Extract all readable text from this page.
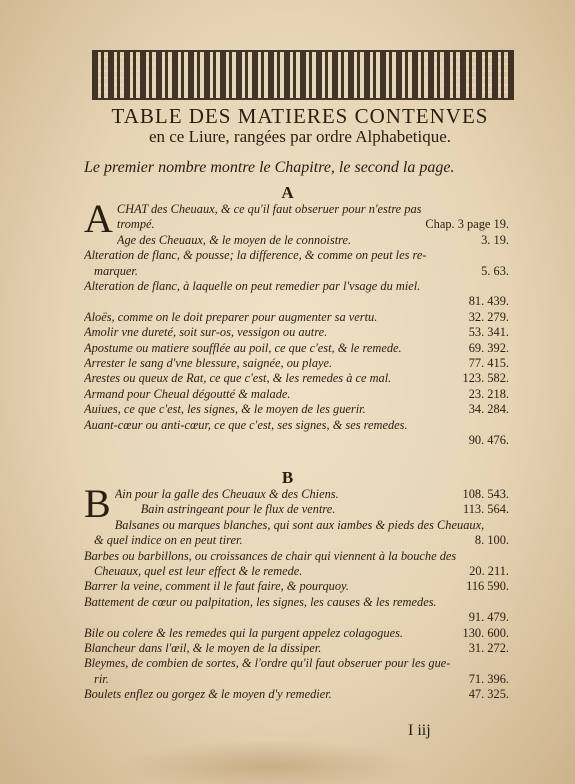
TABLE DES MATIERES CONTENVES
en ce Liure, rangées par ordre Alphabetique.
Le premier nombre montre le Chapitre, le second la page.
A
A CHAT des Cheuaux, & ce qu'il faut obseruer pour n'estre pas
trompé.	Chap. 3 page 19.
Age des Cheuaux, & le moyen de le connoistre.	3. 19.
Alteration de flanc, & pousse; la difference, & comme on peut les re-
marquer.	5. 63.
Alteration de flanc, à laquelle on peut remedier par l'vsage du miel.
81. 439.
Aloës, comme on le doit preparer pour augmenter sa vertu.	32. 279.
Amolir vne dureté, soit sur-os, vessigon ou autre.	53. 341.
Apostume ou matiere soufflée au poil, ce que c'est, & le remede.	69. 392.
Arrester le sang d'vne blessure, saignée, ou playe.	77. 415.
Arestes ou queux de Rat, ce que c'est, & les remedes à ce mal.	123. 582.
Armand pour Cheual dégoutté & malade.	23. 218.
Auiues, ce que c'est, les signes, & le moyen de les guerir.	34. 284.
Auant-cœur ou anti-cœur, ce que c'est, ses signes, & ses remedes.
90. 476.
B
B Ain pour la galle des Cheuaux & des Chiens.	108. 543.
Bain astringeant pour le flux de ventre.	113. 564.
Balsanes ou marques blanches, qui sont aux iambes & pieds des Cheuaux,
& quel indice on en peut tirer.	8. 100.
Barbes ou barbillons, ou croissances de chair qui viennent à la bouche des
Cheuaux, quel est leur effect & le remede.	20. 211.
Barrer la veine, comment il le faut faire, & pourquoy.	116 590.
Battement de cœur ou palpitation, les signes, les causes & les remedes.
91. 479.
Bile ou colere & les remedes qui la purgent appelez colagogues.	130. 600.
Blancheur dans l'œil, & le moyen de la dissiper.	31. 272.
Bleymes, de combien de sortes, & l'ordre qu'il faut obseruer pour les gue-
rir.	71. 396.
Boulets enflez ou gorgez & le moyen d'y remedier.	47. 325.
I iij
